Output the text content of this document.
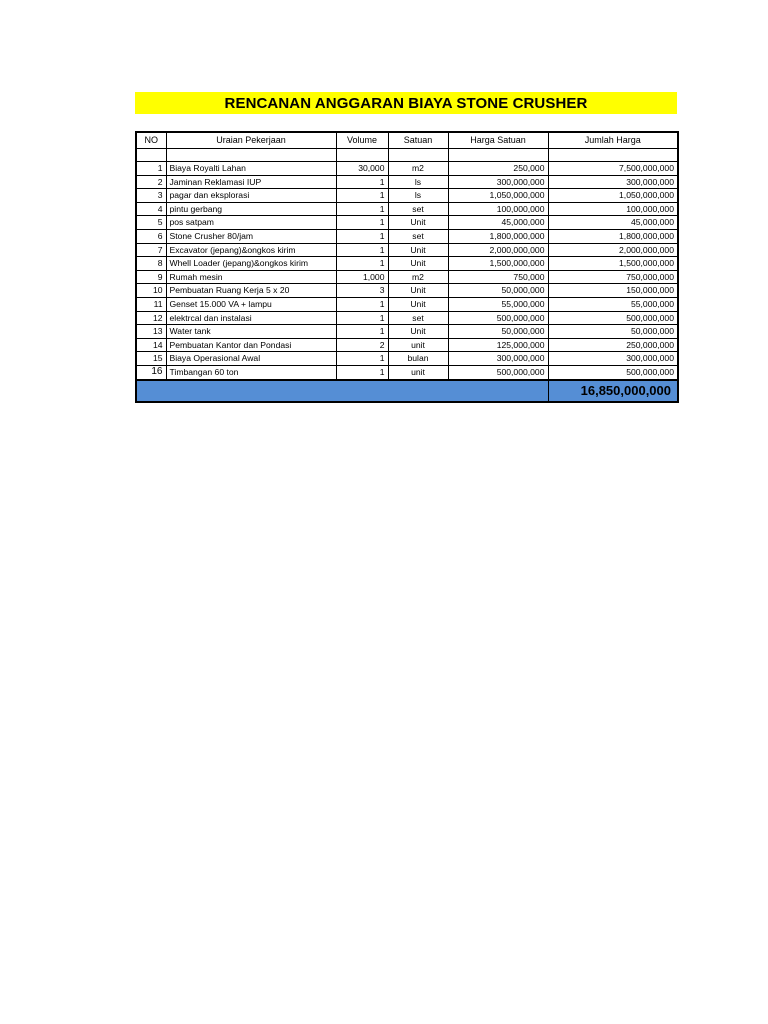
RENCANAN ANGGARAN BIAYA STONE CRUSHER
NO	Uraian Pekerjaan	Volume	Satuan	Harga Satuan	Jumlah Harga

1	Biaya Royalti Lahan	30,000	m2	250,000	7,500,000,000
2	Jaminan Reklamasi IUP	1	ls	300,000,000	300,000,000
3	pagar dan eksplorasi	1	ls	1,050,000,000	1,050,000,000
4	pintu gerbang	1	set	100,000,000	100,000,000
5	pos satpam	1	Unit	45,000,000	45,000,000
6	Stone Crusher 80/jam	1	set	1,800,000,000	1,800,000,000
7	Excavator (jepang)&ongkos kirim	1	Unit	2,000,000,000	2,000,000,000
8	Whell Loader (jepang)&ongkos kirim	1	Unit	1,500,000,000	1,500,000,000
9	Rumah mesin	1,000	m2	750,000	750,000,000
10	Pembuatan Ruang Kerja 5 x 20	3	Unit	50,000,000	150,000,000
11	Genset 15.000 VA + lampu	1	Unit	55,000,000	55,000,000
12	elektrcal dan instalasi	1	set	500,000,000	500,000,000
13	Water tank	1	Unit	50,000,000	50,000,000
14	Pembuatan Kantor dan Pondasi	2	unit	125,000,000	250,000,000
15	Biaya Operasional Awal	1	bulan	300,000,000	300,000,000
16	Timbangan 60 ton	1	unit	500,000,000	500,000,000
					16,850,000,000
